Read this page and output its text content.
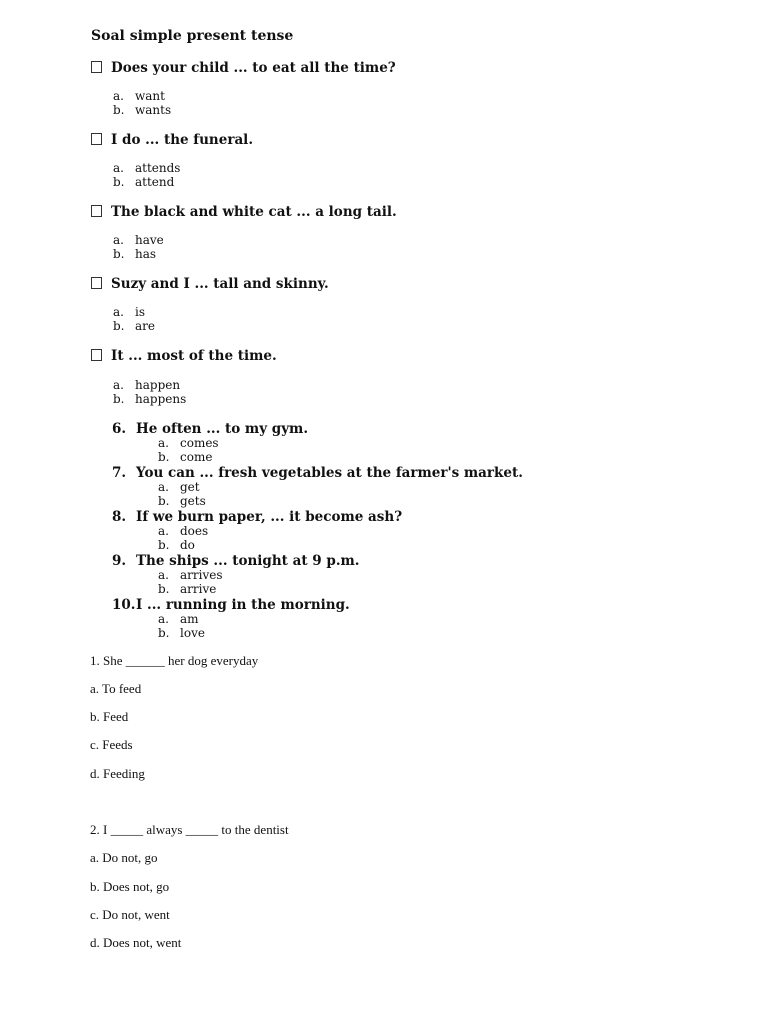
Soal simple present tense
Does your child ... to eat all the time?
a. want
b. wants
I do ... the funeral.
a. attends
b. attend
The black and white cat ... a long tail.
a. have
b. has
Suzy and I ... tall and skinny.
a. is
b. are
It ... most of the time.
a. happen
b. happens
6. He often ... to my gym.
a. comes
b. come
7. You can ... fresh vegetables at the farmer's market.
a. get
b. gets
8. If we burn paper, ... it become ash?
a. does
b. do
9. The ships ... tonight at 9 p.m.
a. arrives
b. arrive
10.I ... running in the morning.
a. am
b. love
1. She ______ her dog everyday
a. To feed
b. Feed
c. Feeds
d. Feeding
2. I _____ always _____ to the dentist
a. Do not, go
b. Does not, go
c. Do not, went
d. Does not, went
